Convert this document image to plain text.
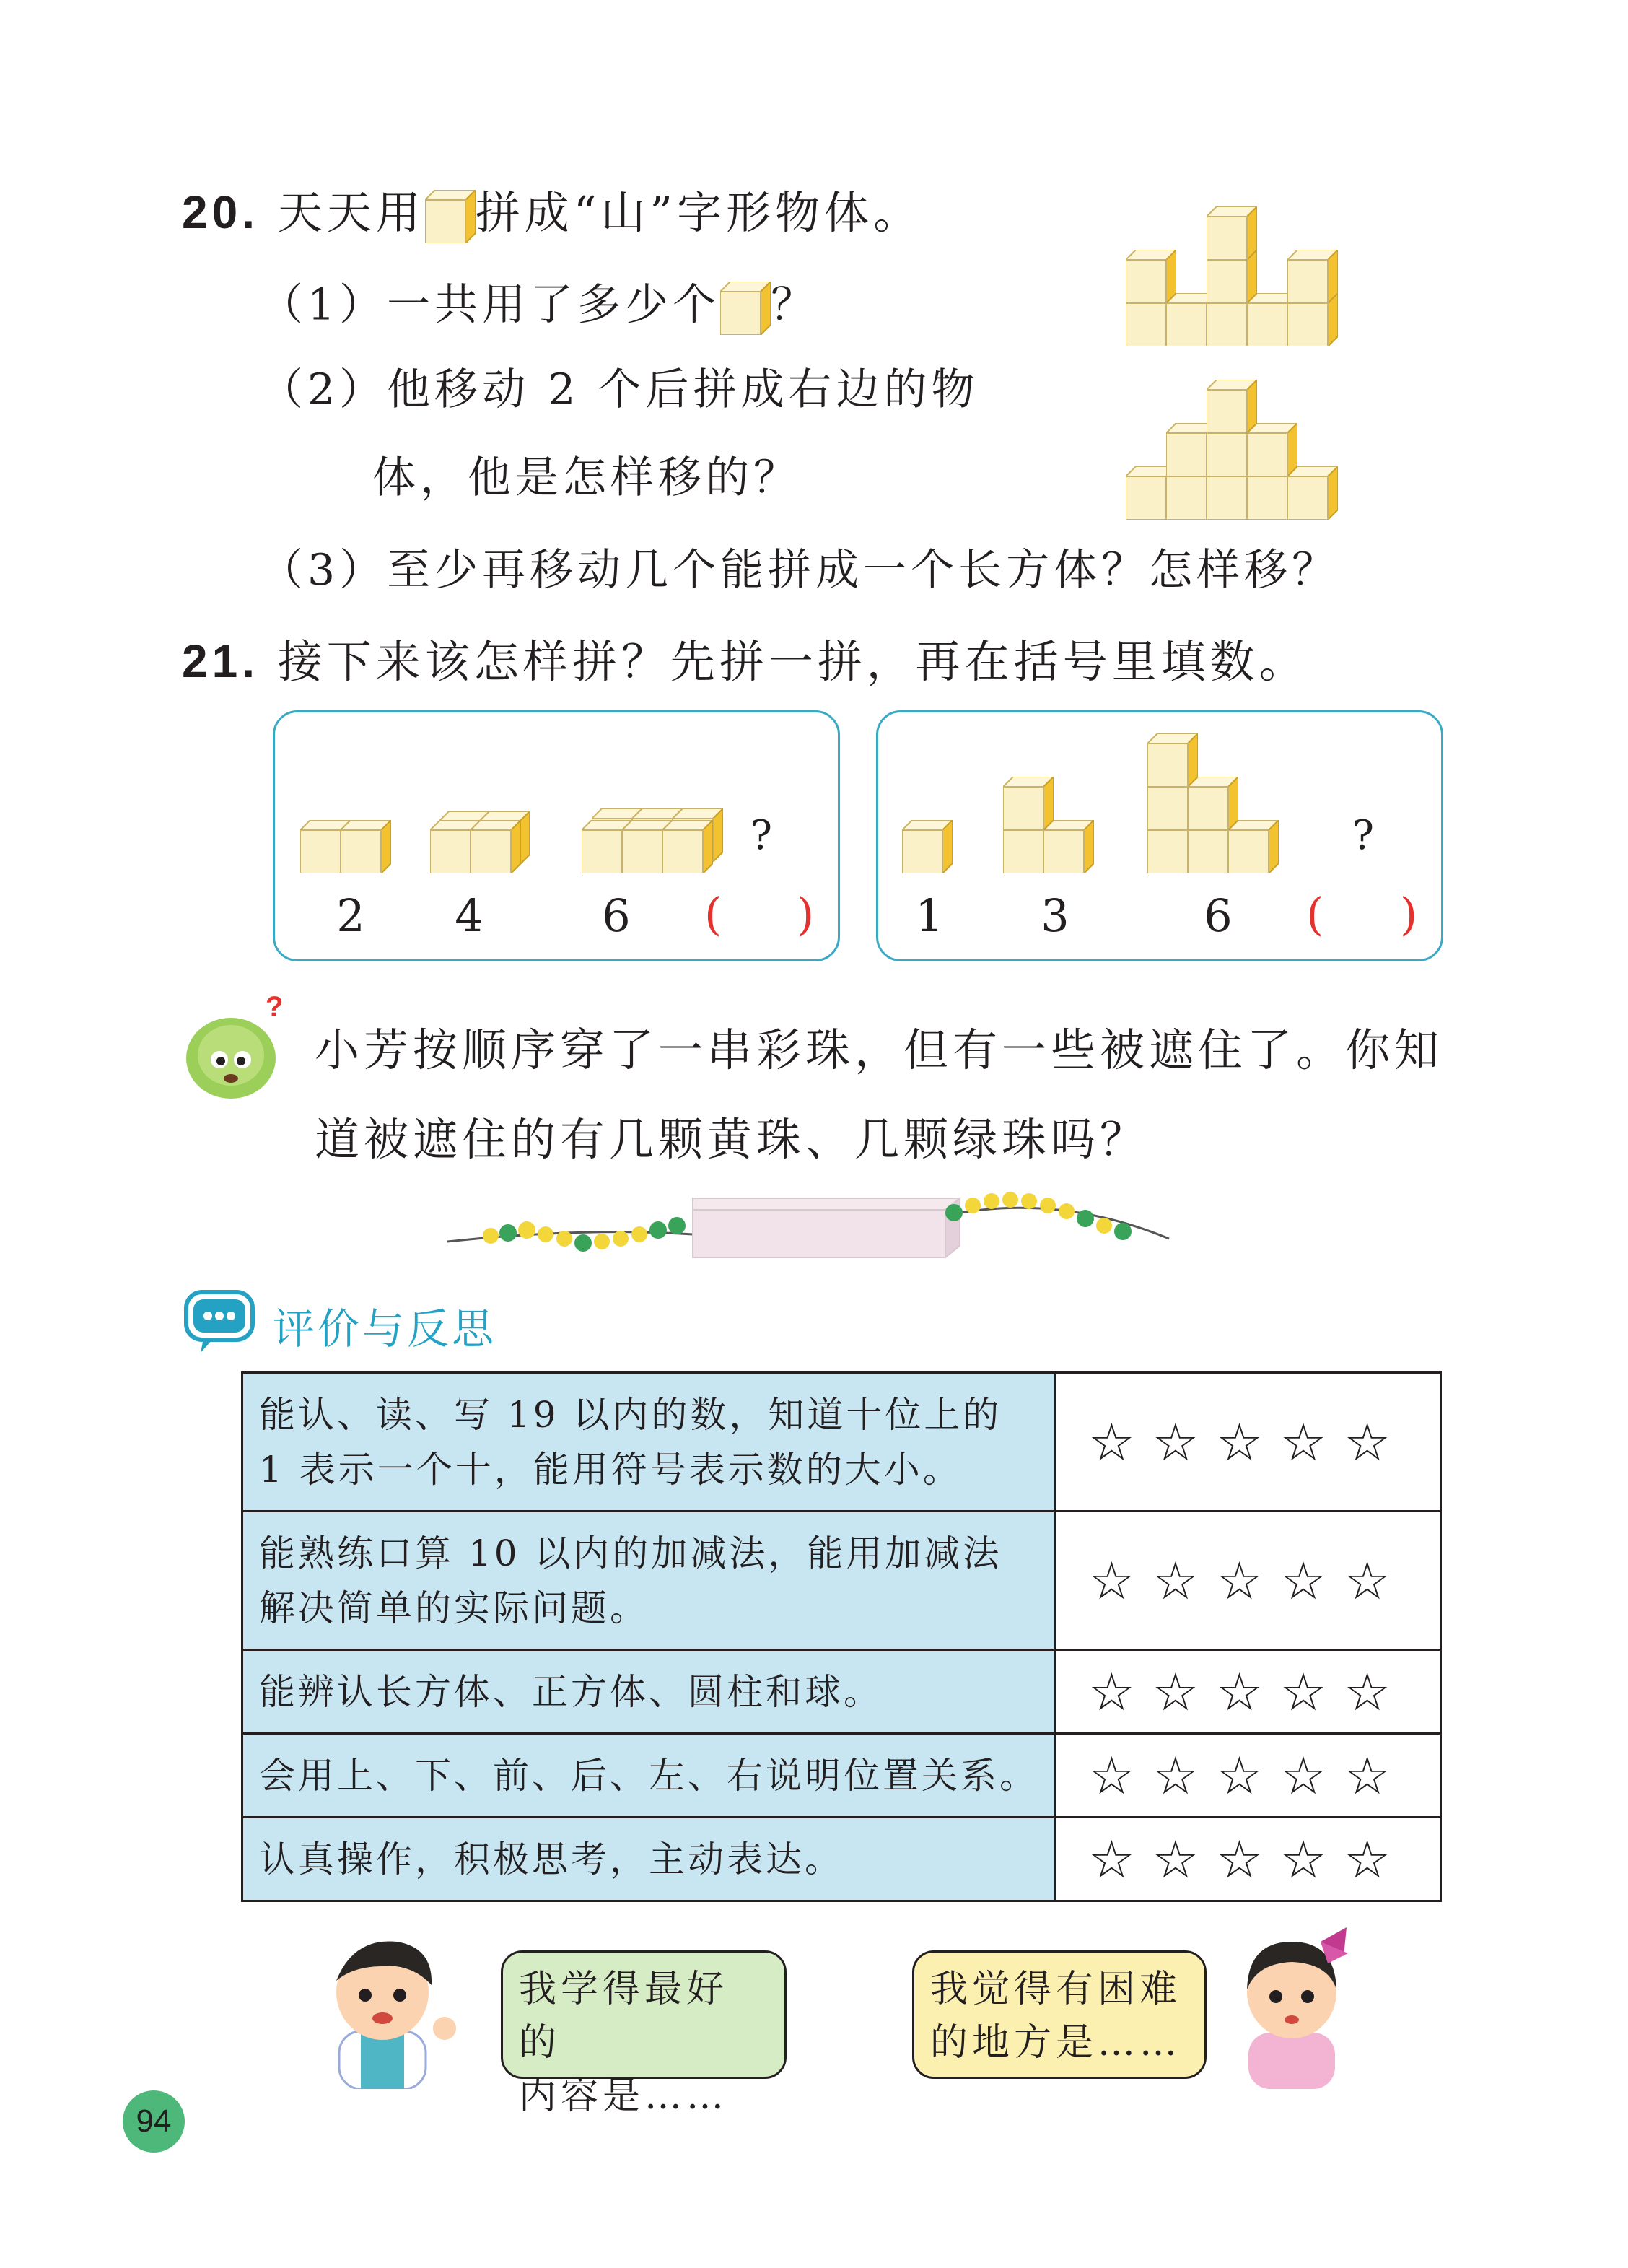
20. 天天用 拼成“山”字形物体。
（1）一共用了多少个 ？
（2）他移动 2 个后拼成右边的物
体，他是怎样移的？
（3）至少再移动几个能拼成一个长方体？怎样移？
21. 接下来该怎样拼？先拼一拼，再在括号里填数。
?
2 4	6 ( )
?
1 3	6 ( )
?
小芳按顺序穿了一串彩珠，但有一些被遮住了。你知
道被遮住的有几颗黄珠、几颗绿珠吗？
评价与反思
能认、读、写 19 以内的数，知道十位上的
1 表示一个十，能用符号表示数的大小。	☆☆☆☆☆

能熟练口算 10 以内的加减法，能用加减法
解决简单的实际问题。	☆☆☆☆☆
能辨认长方体、正方体、圆柱和球。	☆☆☆☆☆
会用上、下、前、后、左、右说明位置关系。	☆☆☆☆☆
认真操作，积极思考，主动表达。	☆☆☆☆☆
我学得最好的
内容是……
我觉得有困难
的地方是……
94
